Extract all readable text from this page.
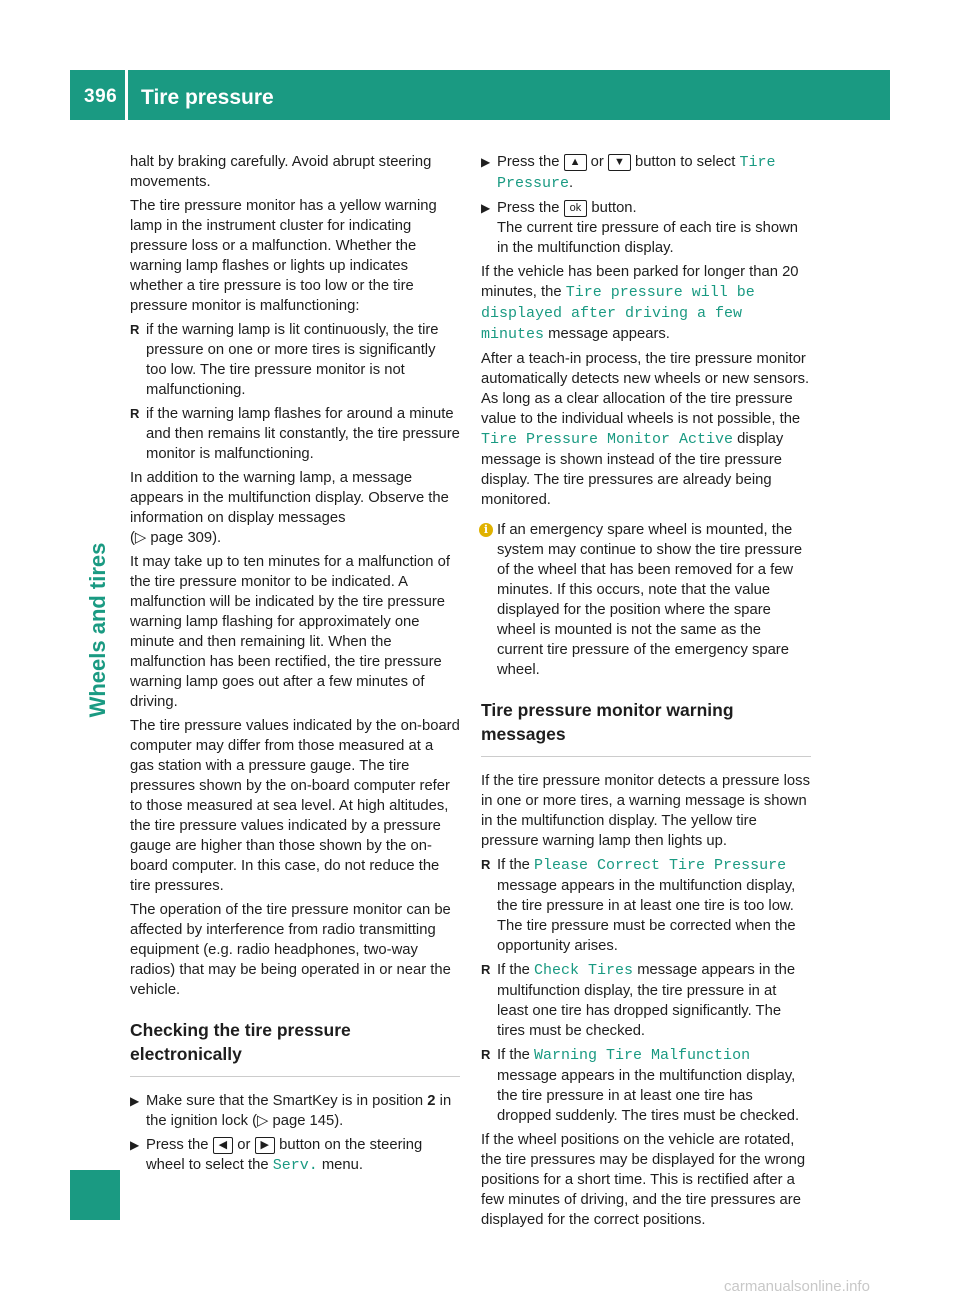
396 Tire pressure
Wheels and tires

halt by braking carefully. Avoid abrupt steering movements.

The tire pressure monitor has a yellow warning lamp in the instrument cluster for indicating pressure loss or a malfunction. Whether the warning lamp flashes or lights up indicates whether a tire pressure is too low or the tire pressure monitor is malfunctioning:

R if the warning lamp is lit continuously, the tire pressure on one or more tires is significantly too low. The tire pressure monitor is not malfunctioning.
R if the warning lamp flashes for around a minute and then remains lit constantly, the tire pressure monitor is malfunctioning.

In addition to the warning lamp, a message appears in the multifunction display. Observe the information on display messages
(▷ page 309).

It may take up to ten minutes for a malfunction of the tire pressure monitor to be indicated. A malfunction will be indicated by the tire pressure warning lamp flashing for approximately one minute and then remaining lit. When the malfunction has been rectified, the tire pressure warning lamp goes out after a few minutes of driving.

The tire pressure values indicated by the on-board computer may differ from those measured at a gas station with a pressure gauge. The tire pressures shown by the on-board computer refer to those measured at sea level. At high altitudes, the tire pressure values indicated by a pressure gauge are higher than those shown by the on-board computer. In this case, do not reduce the tire pressures.

The operation of the tire pressure monitor can be affected by interference from radio transmitting equipment (e.g. radio headphones, two-way radios) that may be being operated in or near the vehicle.

Checking the tire pressure electronically
▶ Make sure that the SmartKey is in position 2 in the ignition lock (▷ page 145).
▶ Press the ◀ or ▶ button on the steering wheel to select the Serv. menu.
▶ Press the ▲ or ▼ button to select Tire Pressure.
▶ Press the ok button.
The current tire pressure of each tire is shown in the multifunction display.

If the vehicle has been parked for longer than 20 minutes, the Tire pressure will be displayed after driving a few minutes message appears.

After a teach-in process, the tire pressure monitor automatically detects new wheels or new sensors. As long as a clear allocation of the tire pressure value to the individual wheels is not possible, the Tire Pressure Monitor Active display message is shown instead of the tire pressure display. The tire pressures are already being monitored.

i If an emergency spare wheel is mounted, the system may continue to show the tire pressure of the wheel that has been removed for a few minutes. If this occurs, note that the value displayed for the position where the spare wheel is mounted is not the same as the current tire pressure of the emergency spare wheel.
Tire pressure monitor warning messages

If the tire pressure monitor detects a pressure loss in one or more tires, a warning message is shown in the multifunction display. The yellow tire pressure warning lamp then lights up.

R If the Please Correct Tire Pressure message appears in the multifunction display, the tire pressure in at least one tire is too low. The tire pressure must be corrected when the opportunity arises.
R If the Check Tires message appears in the multifunction display, the tire pressure in at least one tire has dropped significantly. The tires must be checked.
R If the Warning Tire Malfunction message appears in the multifunction display, the tire pressure in at least one tire has dropped suddenly. The tires must be checked.

If the wheel positions on the vehicle are rotated, the tire pressures may be displayed for the wrong positions for a short time. This is rectified after a few minutes of driving, and the tire pressures are displayed for the correct positions.

carmanualsonline.info
